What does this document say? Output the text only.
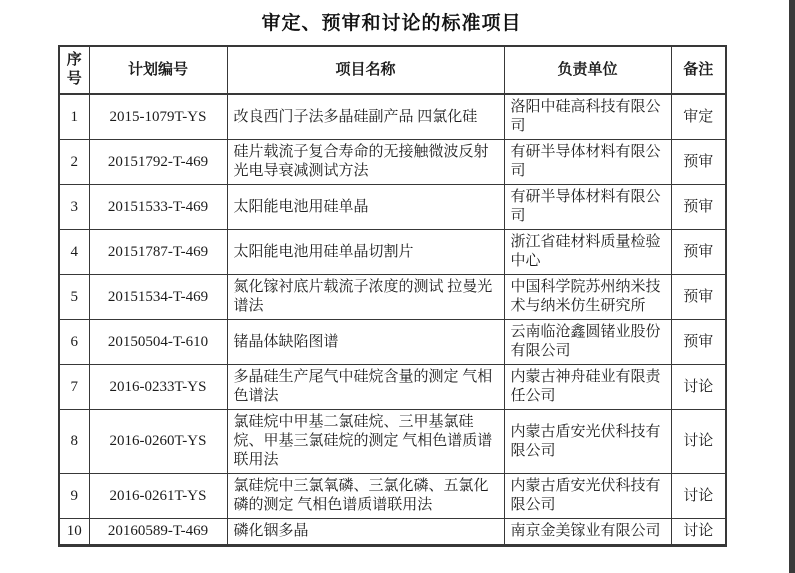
审定、预审和讨论的标准项目
序号	计划编号	项目名称	负责单位	备注
1	2015-1079T-YS	改良西门子法多晶硅副产品 四氯化硅	洛阳中硅高科技有限公司	审定
2	20151792-T-469	硅片载流子复合寿命的无接触微波反射光电导衰减测试方法	有研半导体材料有限公司	预审
3	20151533-T-469	太阳能电池用硅单晶	有研半导体材料有限公司	预审
4	20151787-T-469	太阳能电池用硅单晶切割片	浙江省硅材料质量检验中心	预审
5	20151534-T-469	氮化镓衬底片载流子浓度的测试 拉曼光谱法	中国科学院苏州纳米技术与纳米仿生研究所	预审
6	20150504-T-610	锗晶体缺陷图谱	云南临沧鑫圆锗业股份有限公司	预审
7	2016-0233T-YS	多晶硅生产尾气中硅烷含量的测定 气相色谱法	内蒙古神舟硅业有限责任公司	讨论
8	2016-0260T-YS	氯硅烷中甲基二氯硅烷、三甲基氯硅烷、甲基三氯硅烷的测定 气相色谱质谱联用法	内蒙古盾安光伏科技有限公司	讨论
9	2016-0261T-YS	氯硅烷中三氯氧磷、三氯化磷、五氯化磷的测定 气相色谱质谱联用法	内蒙古盾安光伏科技有限公司	讨论
10	20160589-T-469	磷化铟多晶	南京金美镓业有限公司	讨论
